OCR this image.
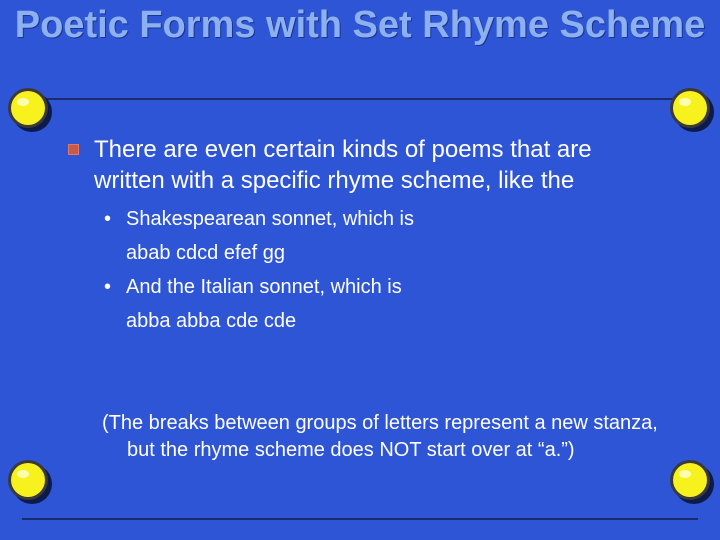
Poetic Forms with Set Rhyme Scheme
There are even certain kinds of poems that are written with a specific rhyme scheme, like the
• Shakespearean sonnet, which is
abab cdcd efef gg
• And the Italian sonnet, which is
abba abba cde cde
(The breaks between groups of letters represent a new stanza, but the rhyme scheme does NOT start over at “a.”)
